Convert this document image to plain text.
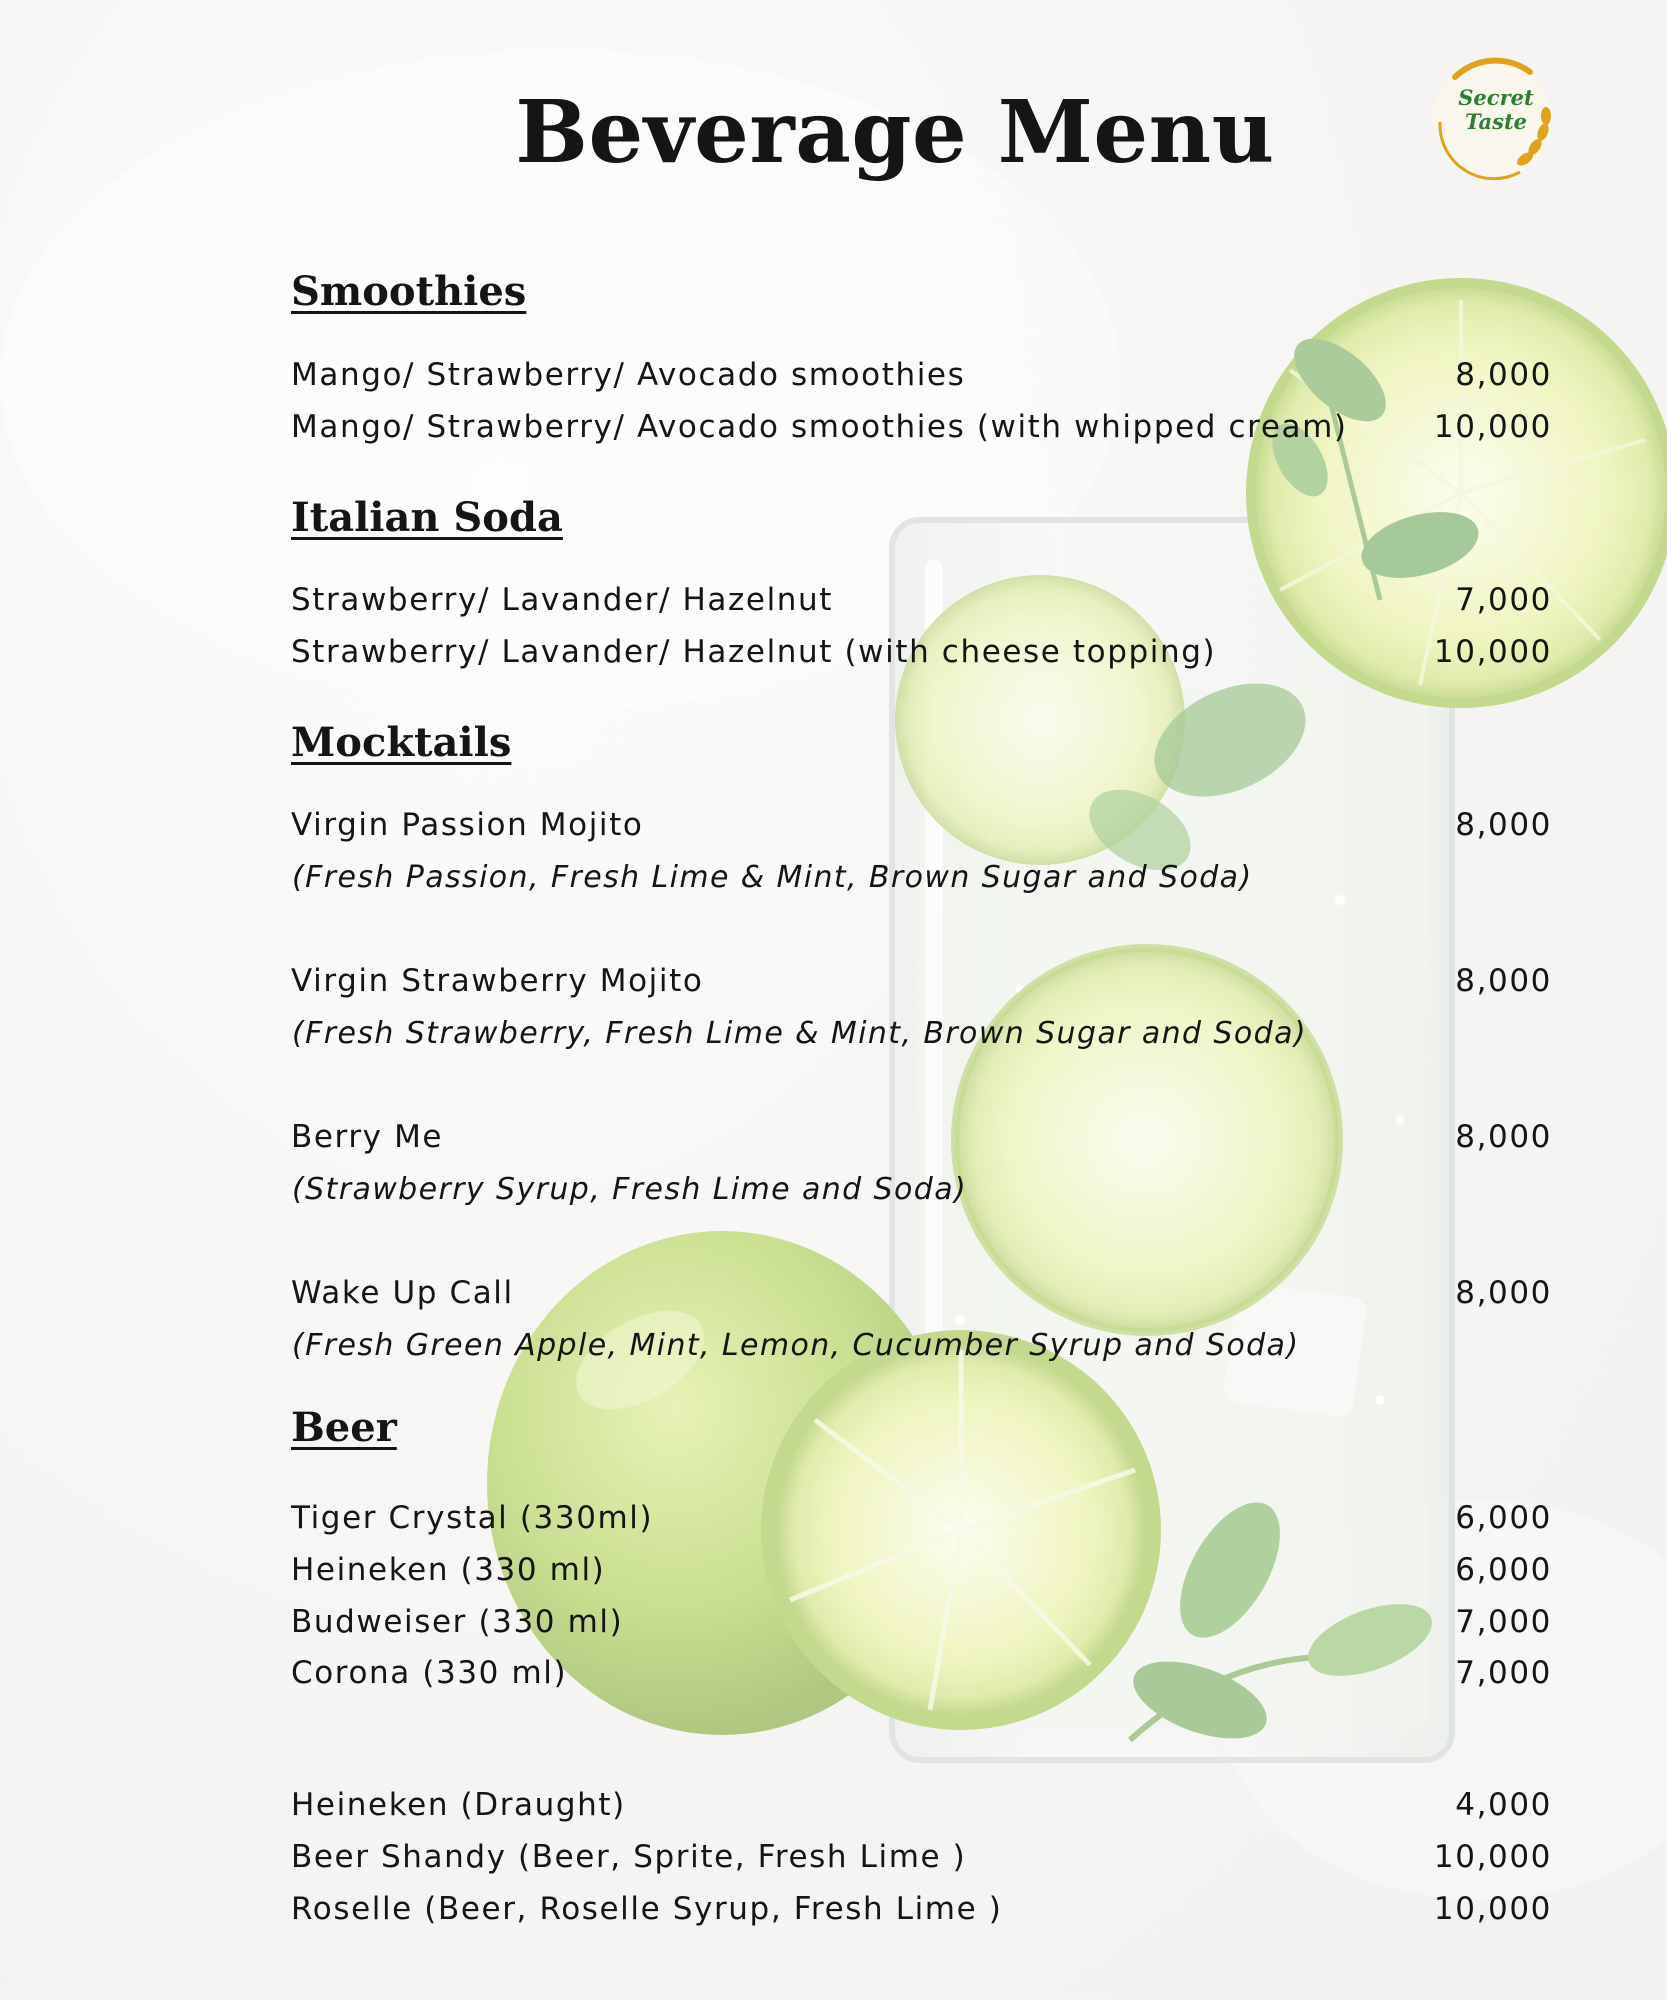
Beverage Menu	Secret
Taste
Smoothies
Mango/ Strawberry/ Avocado smoothies	8,000
Mango/ Strawberry/ Avocado smoothies (with whipped cream)	10,000
Italian Soda
Strawberry/ Lavander/ Hazelnut	7,000
Strawberry/ Lavander/ Hazelnut (with cheese topping)	10,000
Mocktails
Virgin Passion Mojito	8,000
(Fresh Passion, Fresh Lime & Mint, Brown Sugar and Soda)
Virgin Strawberry Mojito	8,000
(Fresh Strawberry, Fresh Lime & Mint, Brown Sugar and Soda)
Berry Me	8,000
(Strawberry Syrup, Fresh Lime and Soda)
Wake Up Call	8,000
(Fresh Green Apple, Mint, Lemon, Cucumber Syrup and Soda)
Beer
Tiger Crystal (330ml)	6,000
Heineken (330 ml)	6,000
Budweiser (330 ml)	7,000
Corona (330 ml)	7,000
Heineken (Draught)	4,000
Beer Shandy (Beer, Sprite, Fresh Lime )	10,000
Roselle (Beer, Roselle Syrup, Fresh Lime )	10,000
